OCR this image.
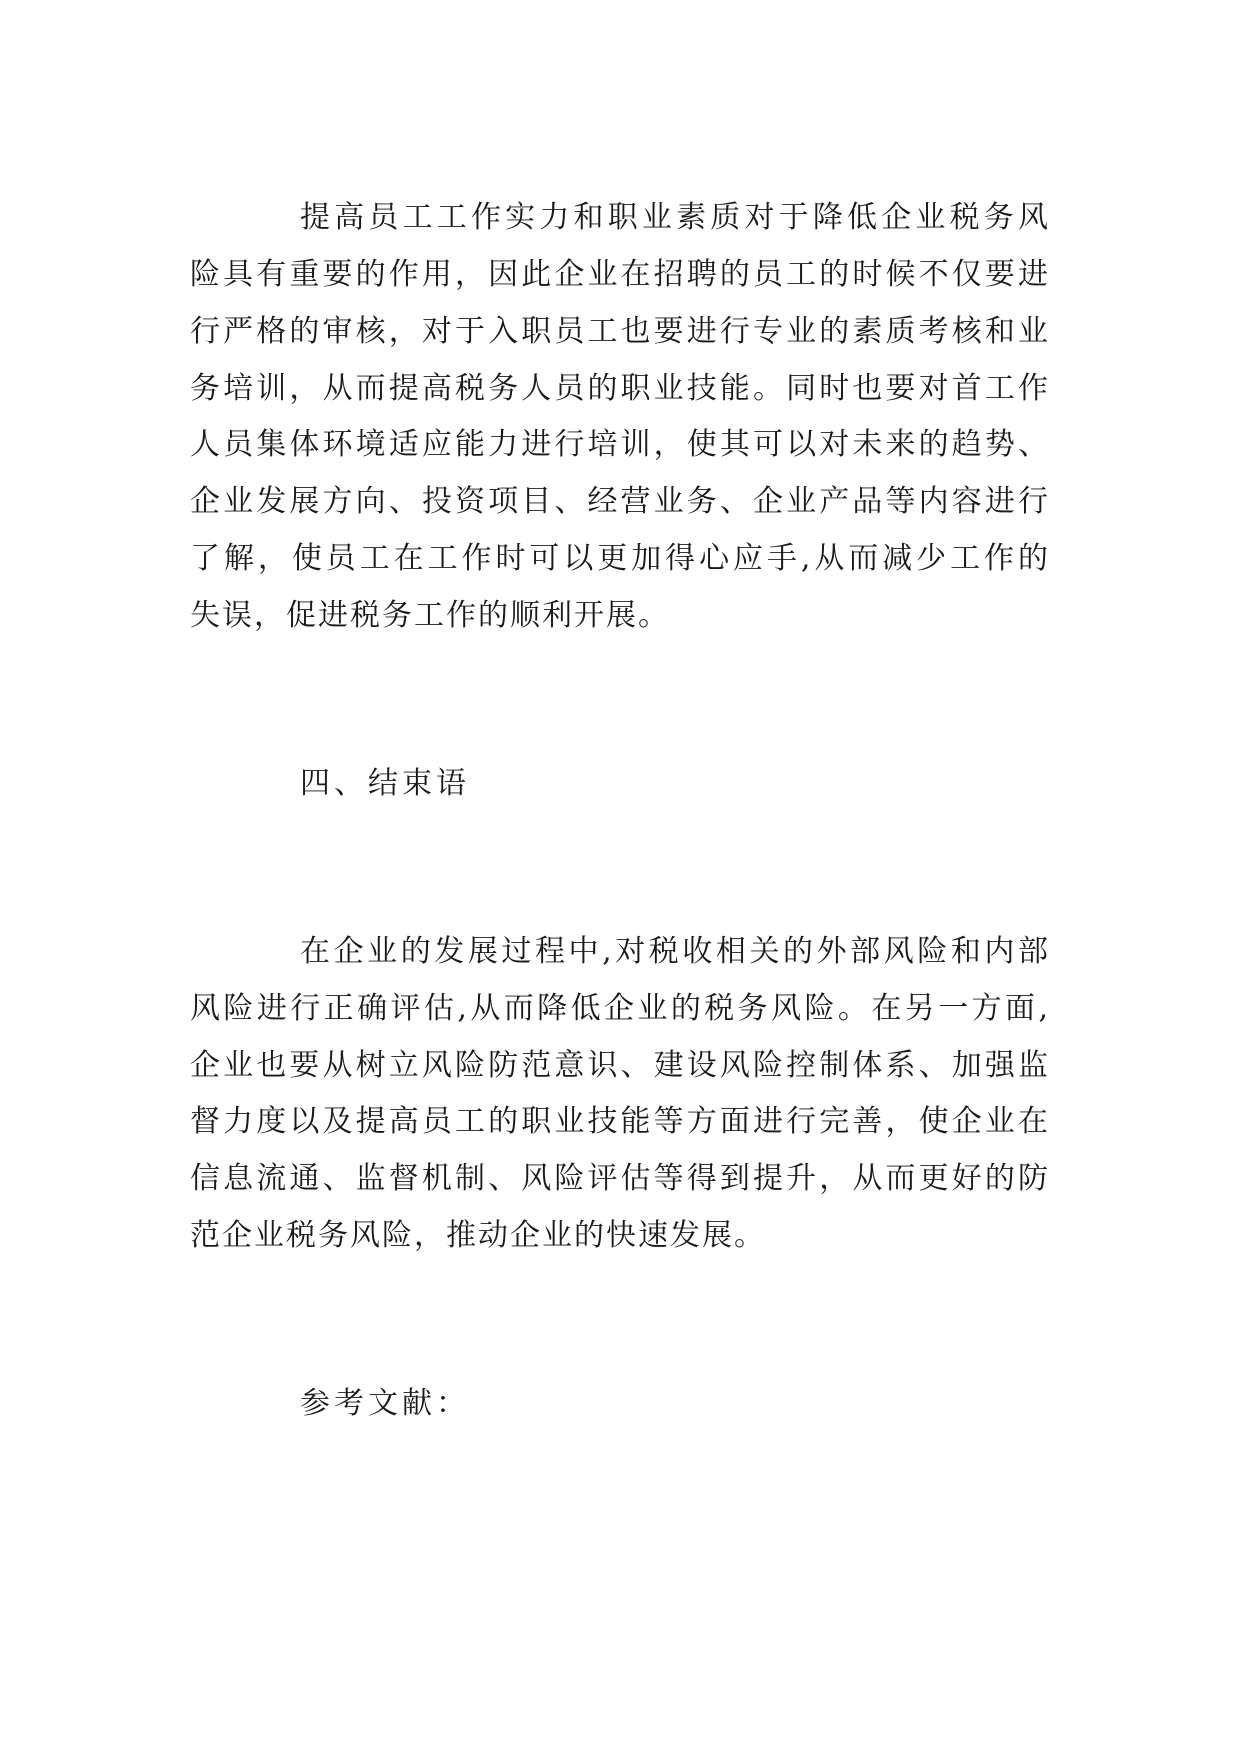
提高员工工作实力和职业素质对于降低企业税务风
险具有重要的作用，因此企业在招聘的员工的时候不仅要进
行严格的审核，对于入职员工也要进行专业的素质考核和业
务培训，从而提高税务人员的职业技能。同时也要对首工作
人员集体环境适应能力进行培训，使其可以对未来的趋势、
企业发展方向、投资项目、经营业务、企业产品等内容进行
了解，使员工在工作时可以更加得心应手,从而减少工作的
失误，促进税务工作的顺利开展。
四、结束语
在企业的发展过程中,对税收相关的外部风险和内部
风险进行正确评估,从而降低企业的税务风险。在另一方面,
企业也要从树立风险防范意识、建设风险控制体系、加强监
督力度以及提高员工的职业技能等方面进行完善，使企业在
信息流通、监督机制、风险评估等得到提升，从而更好的防
范企业税务风险，推动企业的快速发展。
参考文献：
